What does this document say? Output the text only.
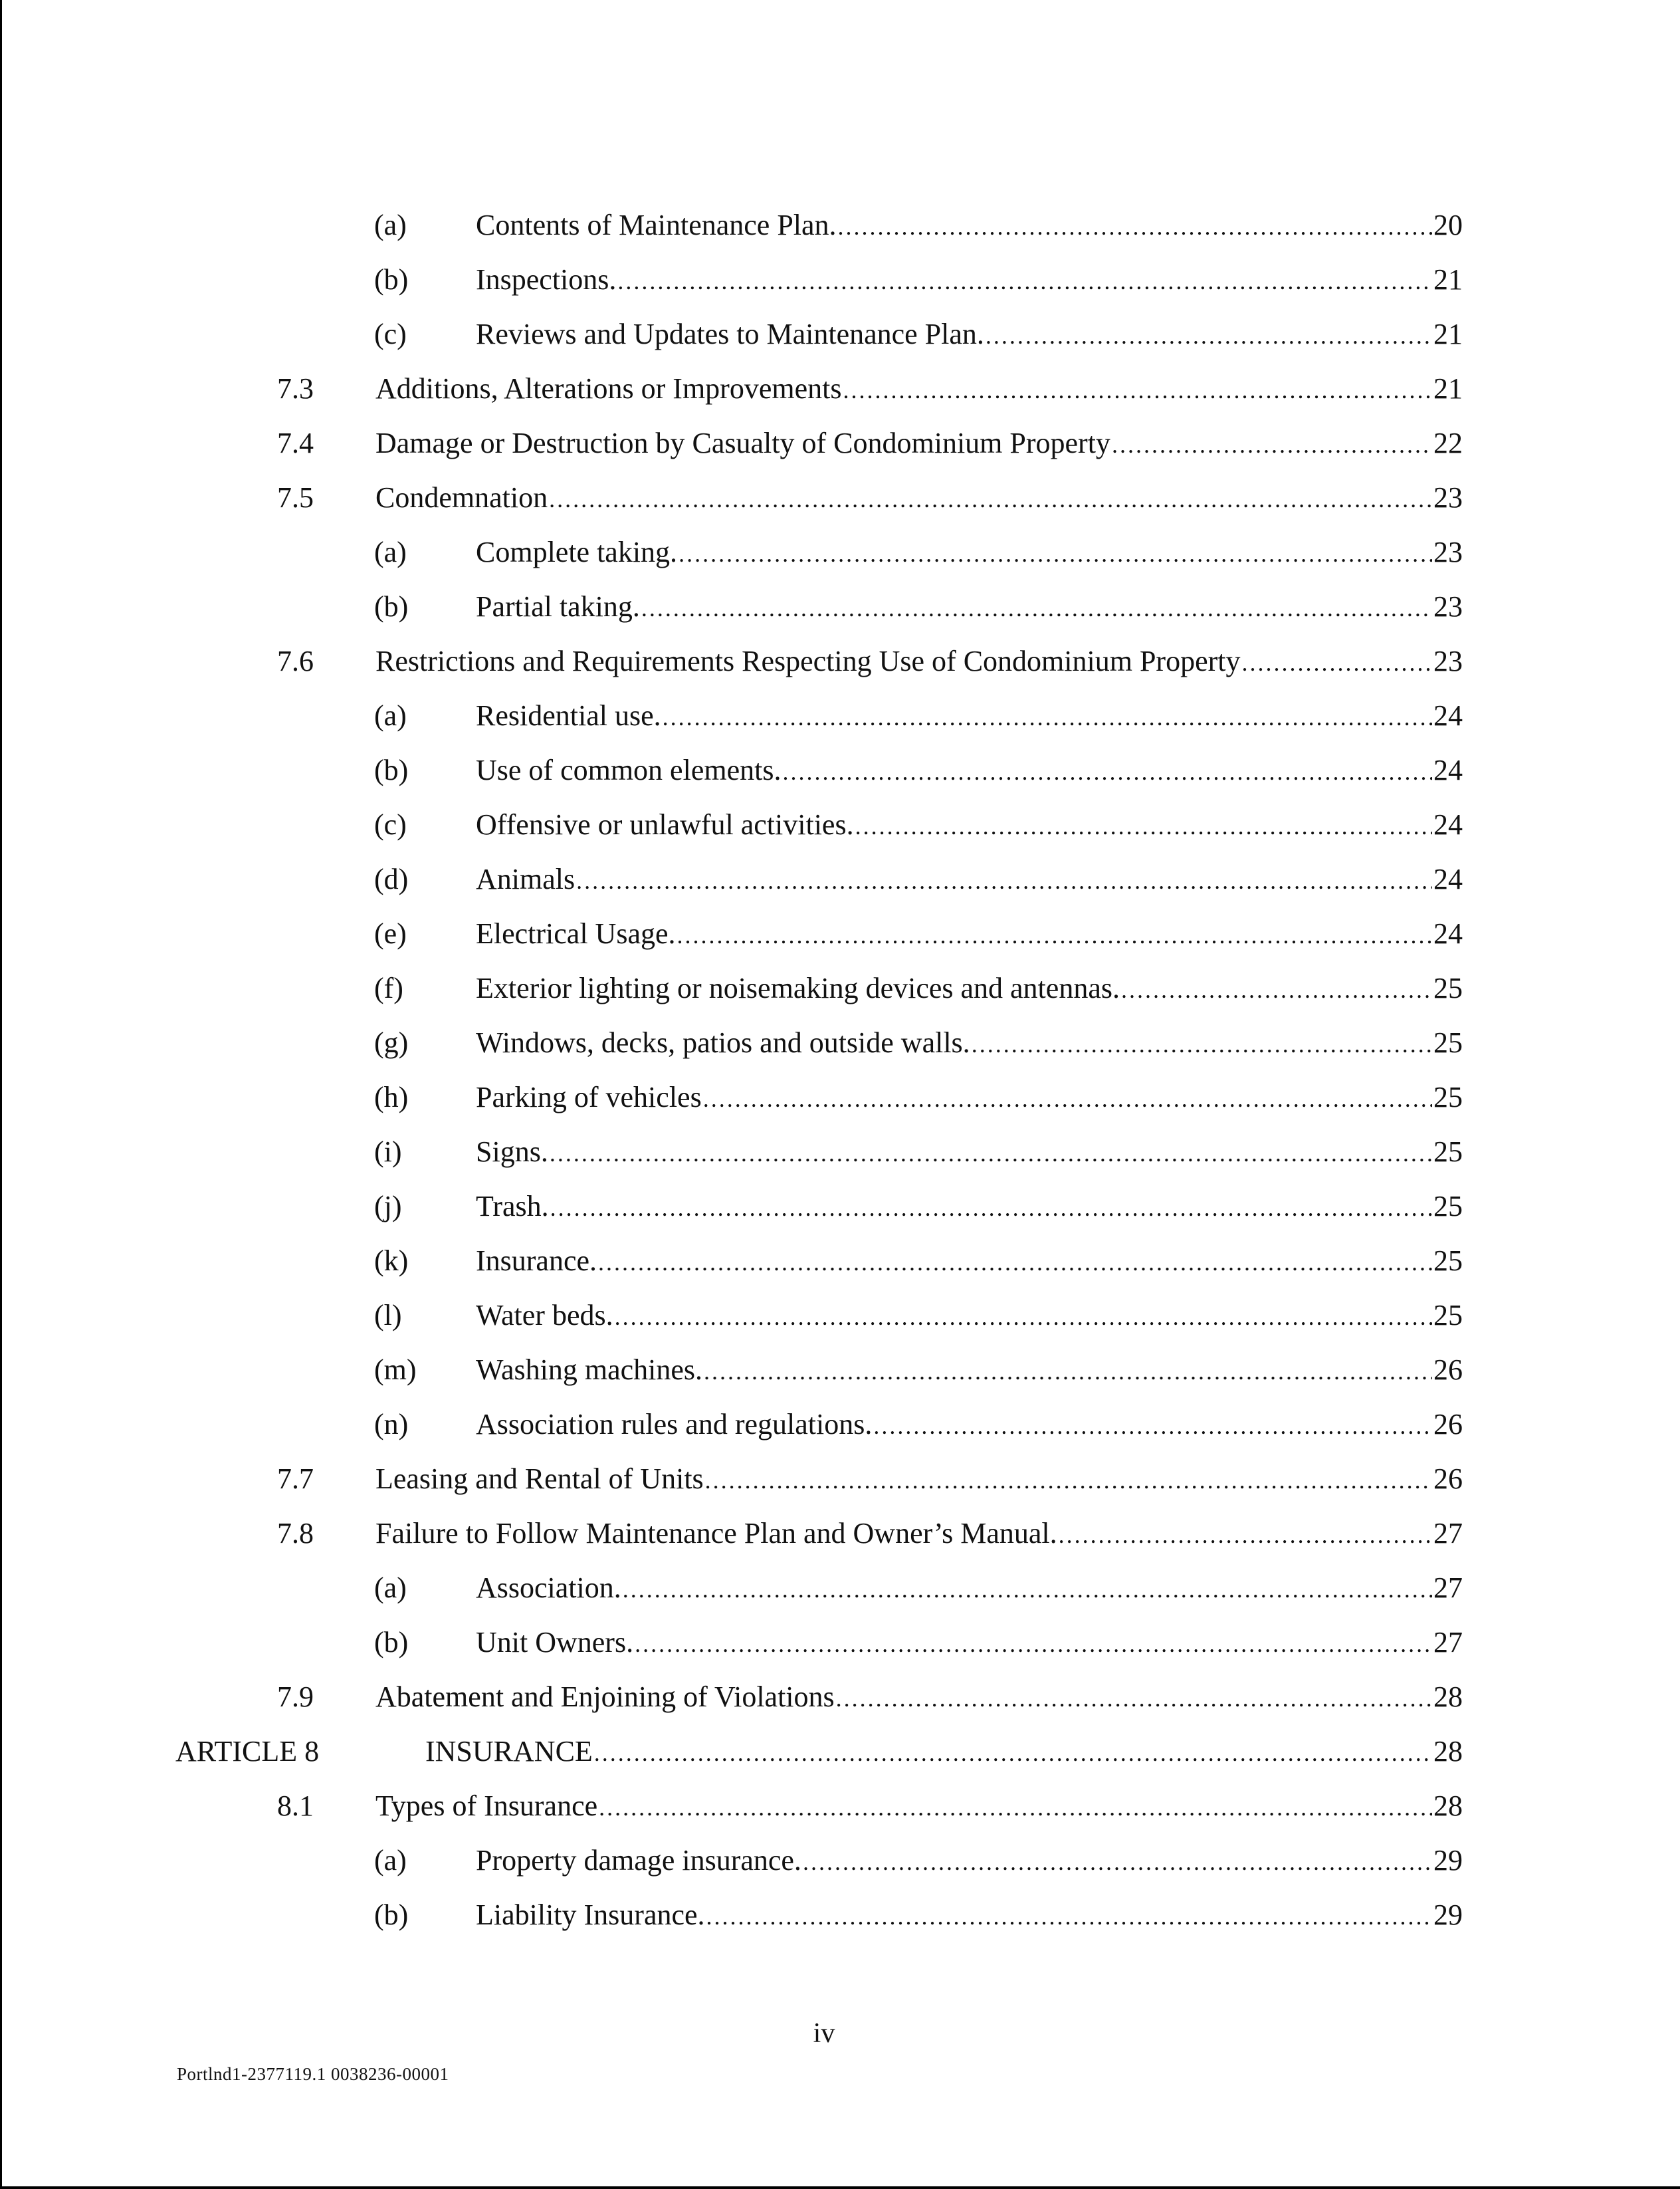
(a) Contents of Maintenance Plan. .....	20
(b) Inspections. .....	21
(c) Reviews and Updates to Maintenance Plan. .....	21
7.3 Additions, Alterations or Improvements .....	21
7.4 Damage or Destruction by Casualty of Condominium Property .....	22
7.5 Condemnation .....	23
(a) Complete taking. .....	23
(b) Partial taking. .....	23
7.6 Restrictions and Requirements Respecting Use of Condominium Property .....	23
(a) Residential use. .....	24
(b) Use of common elements. .....	24
(c) Offensive or unlawful activities. .....	24
(d) Animals .....	24
(e) Electrical Usage. .....	24
(f) Exterior lighting or noisemaking devices and antennas. .....	25
(g) Windows, decks, patios and outside walls. .....	25
(h) Parking of vehicles .....	25
(i)	Signs. .....	25
(j)	Trash. .....	25
(k) Insurance. .....	25
(l)	Water beds. .....	25
(m) Washing machines. .....	26
(n) Association rules and regulations. .....	26
7.7 Leasing and Rental of Units .....	26
7.8 Failure to Follow Maintenance Plan and Owner’s Manual. .....	27
(a) Association. .....	27
(b) Unit Owners. .....	27
7.9 Abatement and Enjoining of Violations .....	28
ARTICLE 8	INSURANCE .....	28
8.1 Types of Insurance .....	28
(a) Property damage insurance. .....	29
(b) Liability Insurance. .....	29
iv
Portlnd1-2377119.1 0038236-00001
